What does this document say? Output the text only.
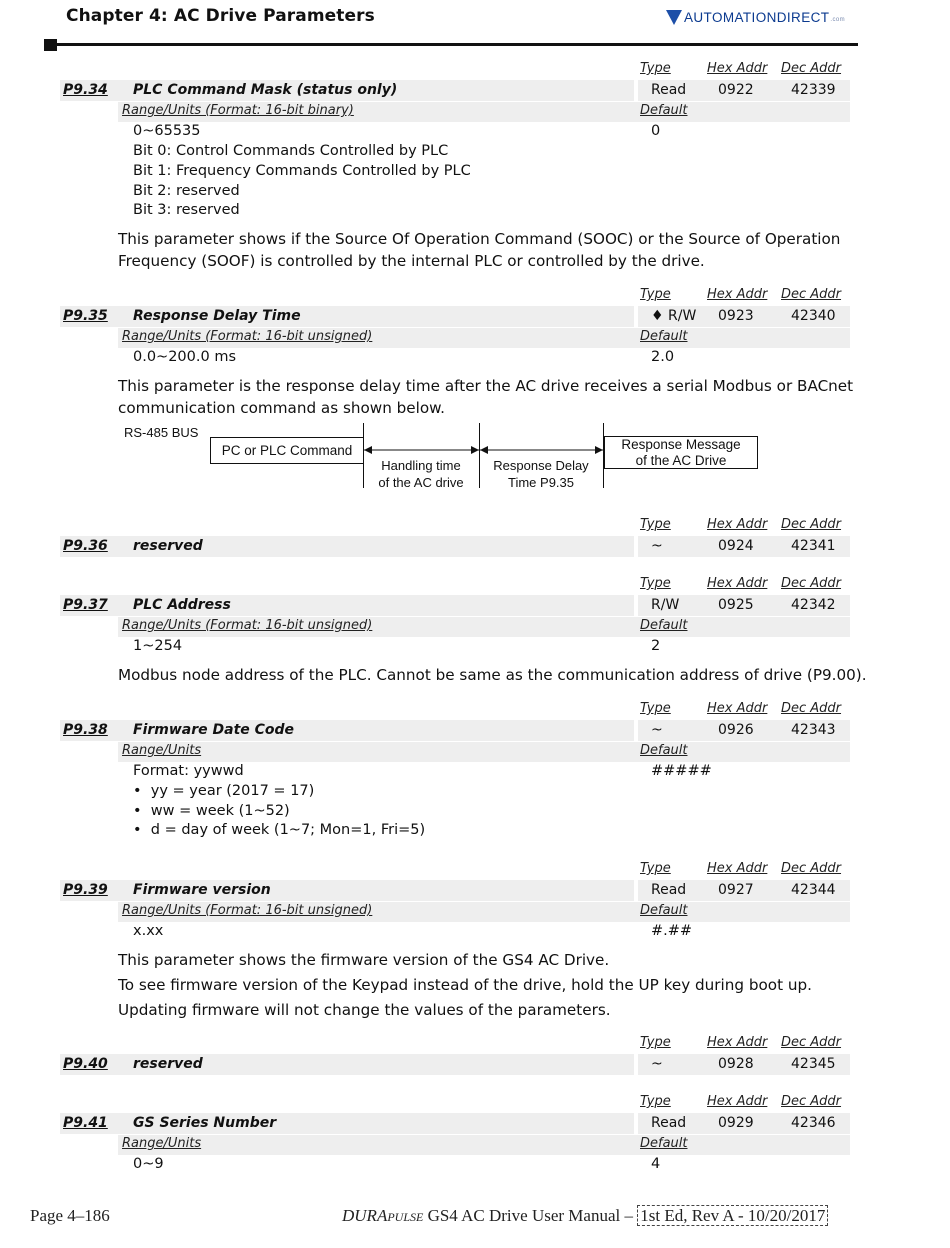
Chapter 4: AC Drive Parameters	AUTOMATIONDIRECT .com
Type	Hex Addr Dec Addr
P9.34 PLC Command Mask (status only)	Read 0922	42339
Range/Units (Format: 16-bit binary)	Default
0~65535	0
Bit 0: Control Commands Controlled by PLC
Bit 1: Frequency Commands Controlled by PLC
Bit 2: reserved
Bit 3: reserved
This parameter shows if the Source Of Operation Command (SOOC) or the Source of Operation
Frequency (SOOF) is controlled by the internal PLC or controlled by the drive.
Type	Hex Addr Dec Addr
P9.35 Response Delay Time	♦ R/W 0923	42340
Range/Units (Format: 16-bit unsigned)	Default
0.0~200.0 ms	2.0
This parameter is the response delay time after the AC drive receives a serial Modbus or BACnet
communication command as shown below.
RS-485 BUS
PC or PLC Command	Response Message
of the AC Drive
Handling time
of the AC drive
Response Delay
Time P9.35
Type	Hex Addr Dec Addr
P9.36 reserved	~	0924	42341
Type	Hex Addr Dec Addr
P9.37 PLC Address	R/W	0925	42342
Range/Units (Format: 16-bit unsigned)	Default
1~254	2
Modbus node address of the PLC. Cannot be same as the communication address of drive (P9.00).
Type	Hex Addr Dec Addr
P9.38 Firmware Date Code	~	0926	42343
Range/Units	Default
Format: yywwd	#####
•  yy = year (2017 = 17)
•  ww = week (1~52)
•  d = day of week (1~7; Mon=1, Fri=5)
Type	Hex Addr Dec Addr
P9.39 Firmware version	Read 0927	42344
Range/Units (Format: 16-bit unsigned)	Default
x.xx	#.##
This parameter shows the firmware version of the GS4 AC Drive.
To see firmware version of the Keypad instead of the drive, hold the UP key during boot up.
Updating firmware will not change the values of the parameters.
Type	Hex Addr Dec Addr
P9.40 reserved	~	0928	42345
Type	Hex Addr Dec Addr
P9.41 GS Series Number	Read 0929	42346
Range/Units	Default
0~9	4
Page 4–186	DURAPULSE GS4 AC Drive User Manual – 1st Ed, Rev A - 10/20/2017
